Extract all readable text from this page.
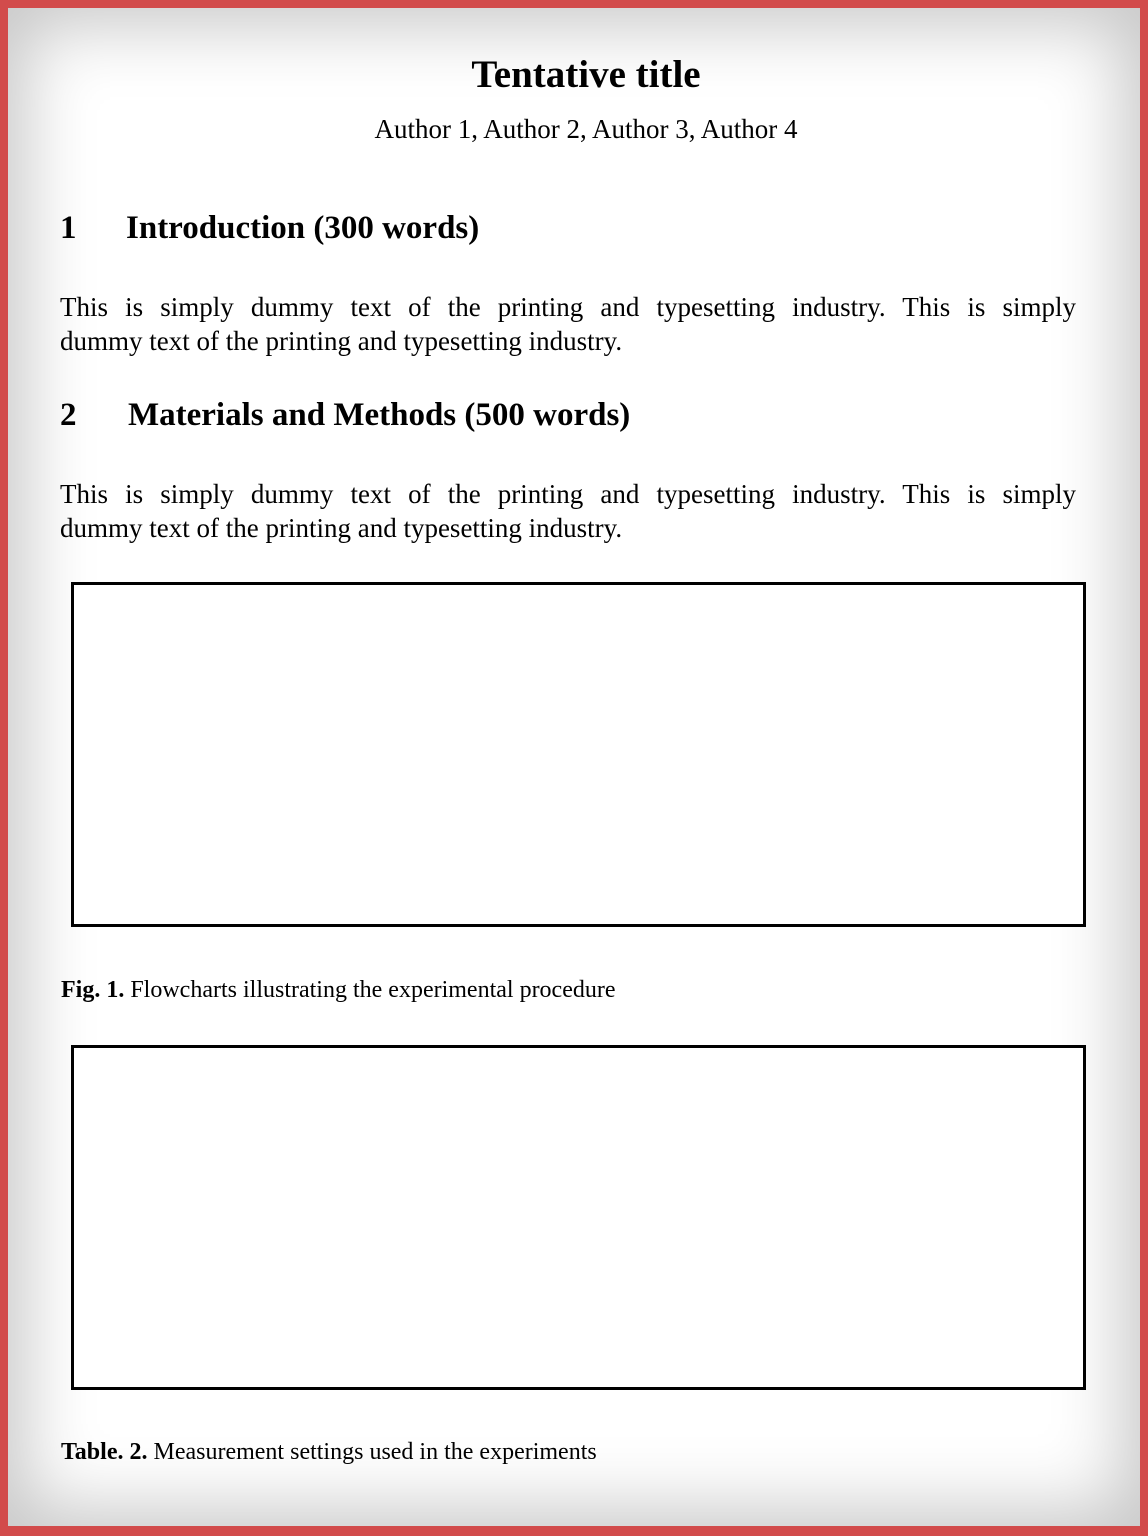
Tentative title
Author 1, Author 2, Author 3, Author 4
1 Introduction (300 words)
This is simply dummy text of the printing and typesetting industry. This is simply
dummy text of the printing and typesetting industry.
2 Materials and Methods (500 words)
This is simply dummy text of the printing and typesetting industry. This is simply
dummy text of the printing and typesetting industry.
Fig. 1. Flowcharts illustrating the experimental procedure
Table. 2. Measurement settings used in the experiments
